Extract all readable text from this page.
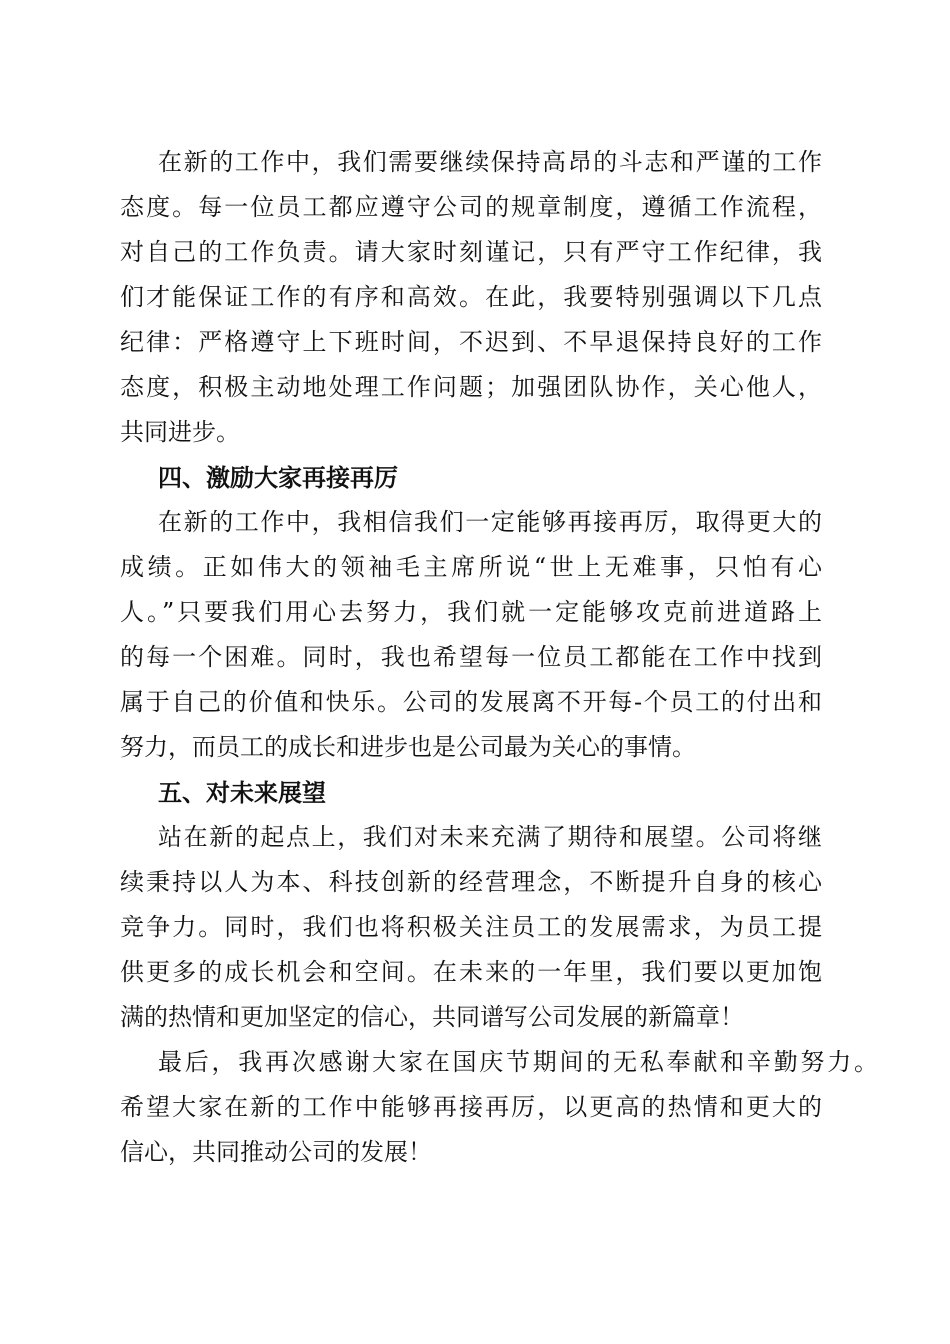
在新的工作中，我们需要继续保持高昂的斗志和严谨的工作
态度。每一位员工都应遵守公司的规章制度，遵循工作流程，
对自己的工作负责。请大家时刻谨记，只有严守工作纪律，我
们才能保证工作的有序和高效。在此，我要特别强调以下几点
纪律：严格遵守上下班时间，不迟到、不早退保持良好的工作
态度，积极主动地处理工作问题；加强团队协作，关心他人，
共同进步。
四、激励大家再接再厉
在新的工作中，我相信我们一定能够再接再厉，取得更大的
成绩。正如伟大的领袖毛主席所说“世上无难事，只怕有心
人。”只要我们用心去努力，我们就一定能够攻克前进道路上
的每一个困难。同时，我也希望每一位员工都能在工作中找到
属于自己的价值和快乐。公司的发展离不开每-个员工的付出和
努力，而员工的成长和进步也是公司最为关心的事情。
五、对未来展望
站在新的起点上，我们对未来充满了期待和展望。公司将继
续秉持以人为本、科技创新的经营理念，不断提升自身的核心
竞争力。同时，我们也将积极关注员工的发展需求，为员工提
供更多的成长机会和空间。在未来的一年里，我们要以更加饱
满的热情和更加坚定的信心，共同谱写公司发展的新篇章！
最后，我再次感谢大家在国庆节期间的无私奉献和辛勤努力。
希望大家在新的工作中能够再接再厉，以更高的热情和更大的
信心，共同推动公司的发展！
